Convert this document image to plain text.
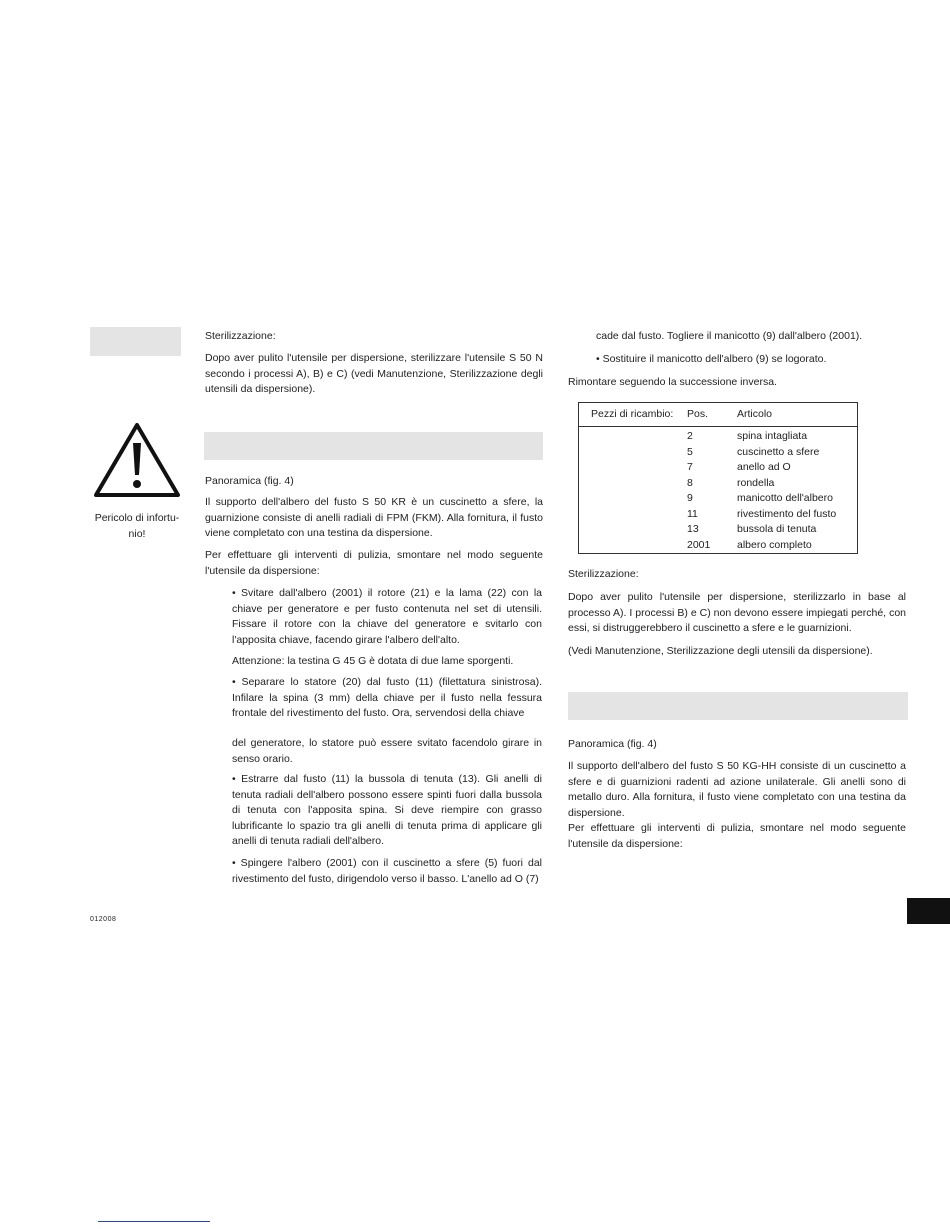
Pericolo di infortu-nio!

012008

Sterilizzazione:

Dopo aver pulito l'utensile per dispersione, sterilizzare l'utensile S 50 N secondo i processi A), B) e C) (vedi Manutenzione, Sterilizzazione degli utensili da dispersione).

Panoramica (fig. 4)

Il supporto dell'albero del fusto S 50 KR è un cuscinetto a sfere, la guarnizione consiste di anelli radiali di FPM (FKM). Alla fornitura, il fusto viene completato con una testina da dispersione.

Per effettuare gli interventi di pulizia, smontare nel modo seguente l'utensile da dispersione:

• Svitare dall'albero (2001) il rotore (21) e la lama (22) con la chiave per generatore e per fusto contenuta nel set di utensili. Fissare il rotore con la chiave del generatore e svitarlo con l'apposita chiave, facendo girare l'albero dell'alto.

Attenzione: la testina G 45 G è dotata di due lame sporgenti.

• Separare lo statore (20) dal fusto (11) (filettatura sinistrosa). Infilare la spina (3 mm) della chiave per il fusto nella fessura frontale del rivestimento del fusto. Ora, servendosi della chiave

del generatore, lo statore può essere svitato facendolo girare in senso orario.

• Estrarre dal fusto (11) la bussola di tenuta (13). Gli anelli di tenuta radiali dell'albero possono essere spinti fuori dalla bussola di tenuta con l'apposita spina. Si deve riempire con grasso lubrificante lo spazio tra gli anelli di tenuta prima di applicare gli anelli di tenuta radiali dell'albero.

• Spingere l'albero (2001) con il cuscinetto a sfere (5) fuori dal rivestimento del fusto, dirigendolo verso il basso. L'anello ad O (7)

cade dal fusto. Togliere il manicotto (9) dall'albero (2001).

• Sostituire il manicotto dell'albero (9) se logorato.

Rimontare seguendo la successione inversa.

Pezzi di ricambio: Pos.	Articolo
2	spina intagliata
5	cuscinetto a sfere
7	anello ad O
8	rondella
9	manicotto dell'albero
11	rivestimento del fusto
13	bussola di tenuta
2001	albero completo

Sterilizzazione:

Dopo aver pulito l'utensile per dispersione, sterilizzarlo in base al processo A). I processi B) e C) non devono essere impiegati perché, con essi, si distruggerebbero il cuscinetto a sfere e le guarnizioni.

(Vedi Manutenzione, Sterilizzazione degli utensili da dispersione).

Panoramica (fig. 4)

Il supporto dell'albero del fusto S 50 KG-HH consiste di un cuscinetto a sfere e di guarnizioni radenti ad azione unilaterale. Gli anelli sono di metallo duro. Alla fornitura, il fusto viene completato con una testina da dispersione.

Per effettuare gli interventi di pulizia, smontare nel modo seguente l'utensile da dispersione:
